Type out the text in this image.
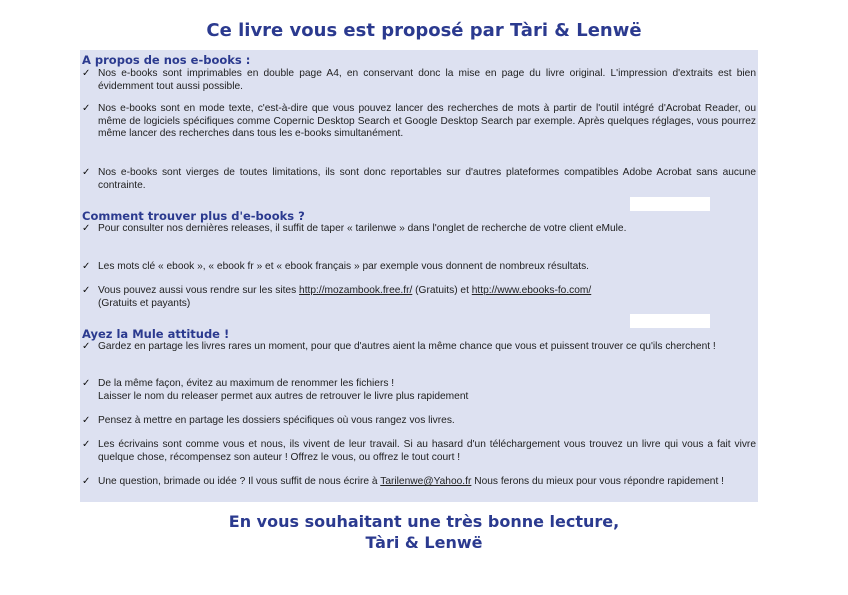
Ce livre vous est proposé par Tàri & Lenwë
A propos de nos e-books :
✓ Nos e-books sont imprimables en double page A4, en conservant donc la mise en page du livre original. L'impression d'extraits est bien évidemment tout aussi possible.
✓ Nos e-books sont en mode texte, c'est-à-dire que vous pouvez lancer des recherches de mots à partir de l'outil intégré d'Acrobat Reader, ou même de logiciels spécifiques comme Copernic Desktop Search et Google Desktop Search par exemple. Après quelques réglages, vous pourrez même lancer des recherches dans tous les e-books simultanément.
✓ Nos e-books sont vierges de toutes limitations, ils sont donc reportables sur d'autres plateformes compatibles Adobe Acrobat sans aucune contrainte.
Comment trouver plus d'e-books ?
✓ Pour consulter nos dernières releases, il suffit de taper « tarilenwe » dans l'onglet de recherche de votre client eMule.
✓ Les mots clé « ebook », « ebook fr » et « ebook français » par exemple vous donnent de nombreux résultats.
✓ Vous pouvez aussi vous rendre sur les sites http://mozambook.free.fr/ (Gratuits) et http://www.ebooks-fo.com/
(Gratuits et payants)
Ayez la Mule attitude !
✓ Gardez en partage les livres rares un moment, pour que d'autres aient la même chance que vous et puissent trouver ce qu'ils cherchent !
✓ De la même façon, évitez au maximum de renommer les fichiers !
Laisser le nom du releaser permet aux autres de retrouver le livre plus rapidement
✓ Pensez à mettre en partage les dossiers spécifiques où vous rangez vos livres.
✓ Les écrivains sont comme vous et nous, ils vivent de leur travail. Si au hasard d'un téléchargement vous trouvez un livre qui vous a fait vivre quelque chose, récompensez son auteur ! Offrez le vous, ou offrez le tout court !
✓ Une question, brimade ou idée ? Il vous suffit de nous écrire à Tarilenwe@Yahoo.fr Nous ferons du mieux pour vous répondre rapidement !
En vous souhaitant une très bonne lecture,
Tàri & Lenwë
